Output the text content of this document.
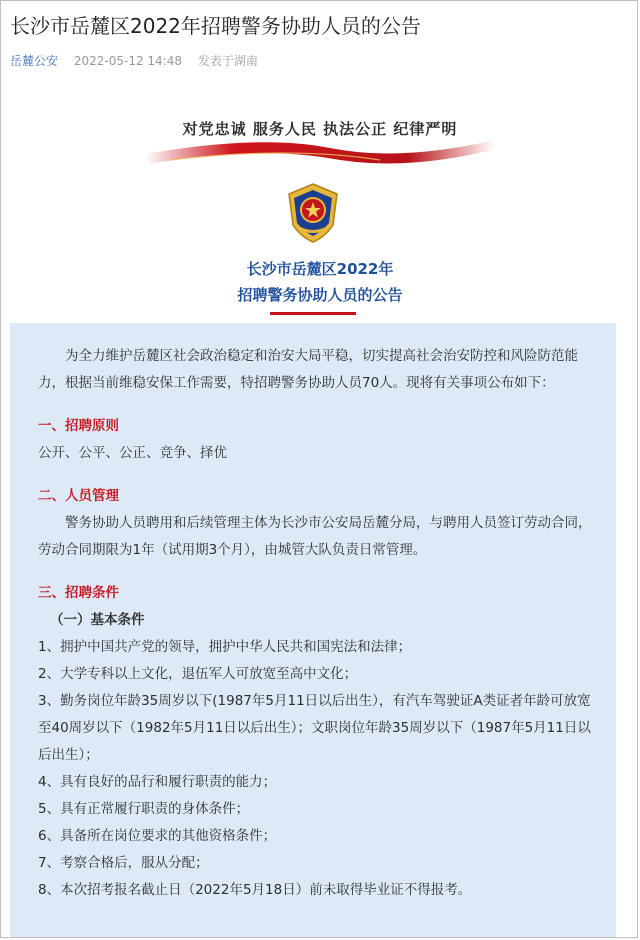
长沙市岳麓区2022年招聘警务协助人员的公告
岳麓公安 2022-05-12 14:48 发表于湖南
对党忠诚 服务人民 执法公正 纪律严明
长沙市岳麓区2022年
招聘警务协助人员的公告

为全力维护岳麓区社会政治稳定和治安大局平稳，切实提高社会治安防控和风险防范能力，根据当前维稳安保工作需要，特招聘警务协助人员70人。现将有关事项公布如下：

一、招聘原则

公开、公平、公正、竞争、择优

二、人员管理

警务协助人员聘用和后续管理主体为长沙市公安局岳麓分局，与聘用人员签订劳动合同，劳动合同期限为1年（试用期3个月），由城管大队负责日常管理。

三、招聘条件

（一）基本条件

1、拥护中国共产党的领导，拥护中华人民共和国宪法和法律；

2、大学专科以上文化，退伍军人可放宽至高中文化；

3、勤务岗位年龄35周岁以下(1987年5月11日以后出生），有汽车驾驶证A类证者年龄可放宽至40周岁以下（1982年5月11日以后出生）；文职岗位年龄35周岁以下（1987年5月11日以后出生）；

4、具有良好的品行和履行职责的能力；

5、具有正常履行职责的身体条件；

6、具备所在岗位要求的其他资格条件；

7、考察合格后，服从分配；

8、本次招考报名截止日（2022年5月18日）前未取得毕业证不得报考。
